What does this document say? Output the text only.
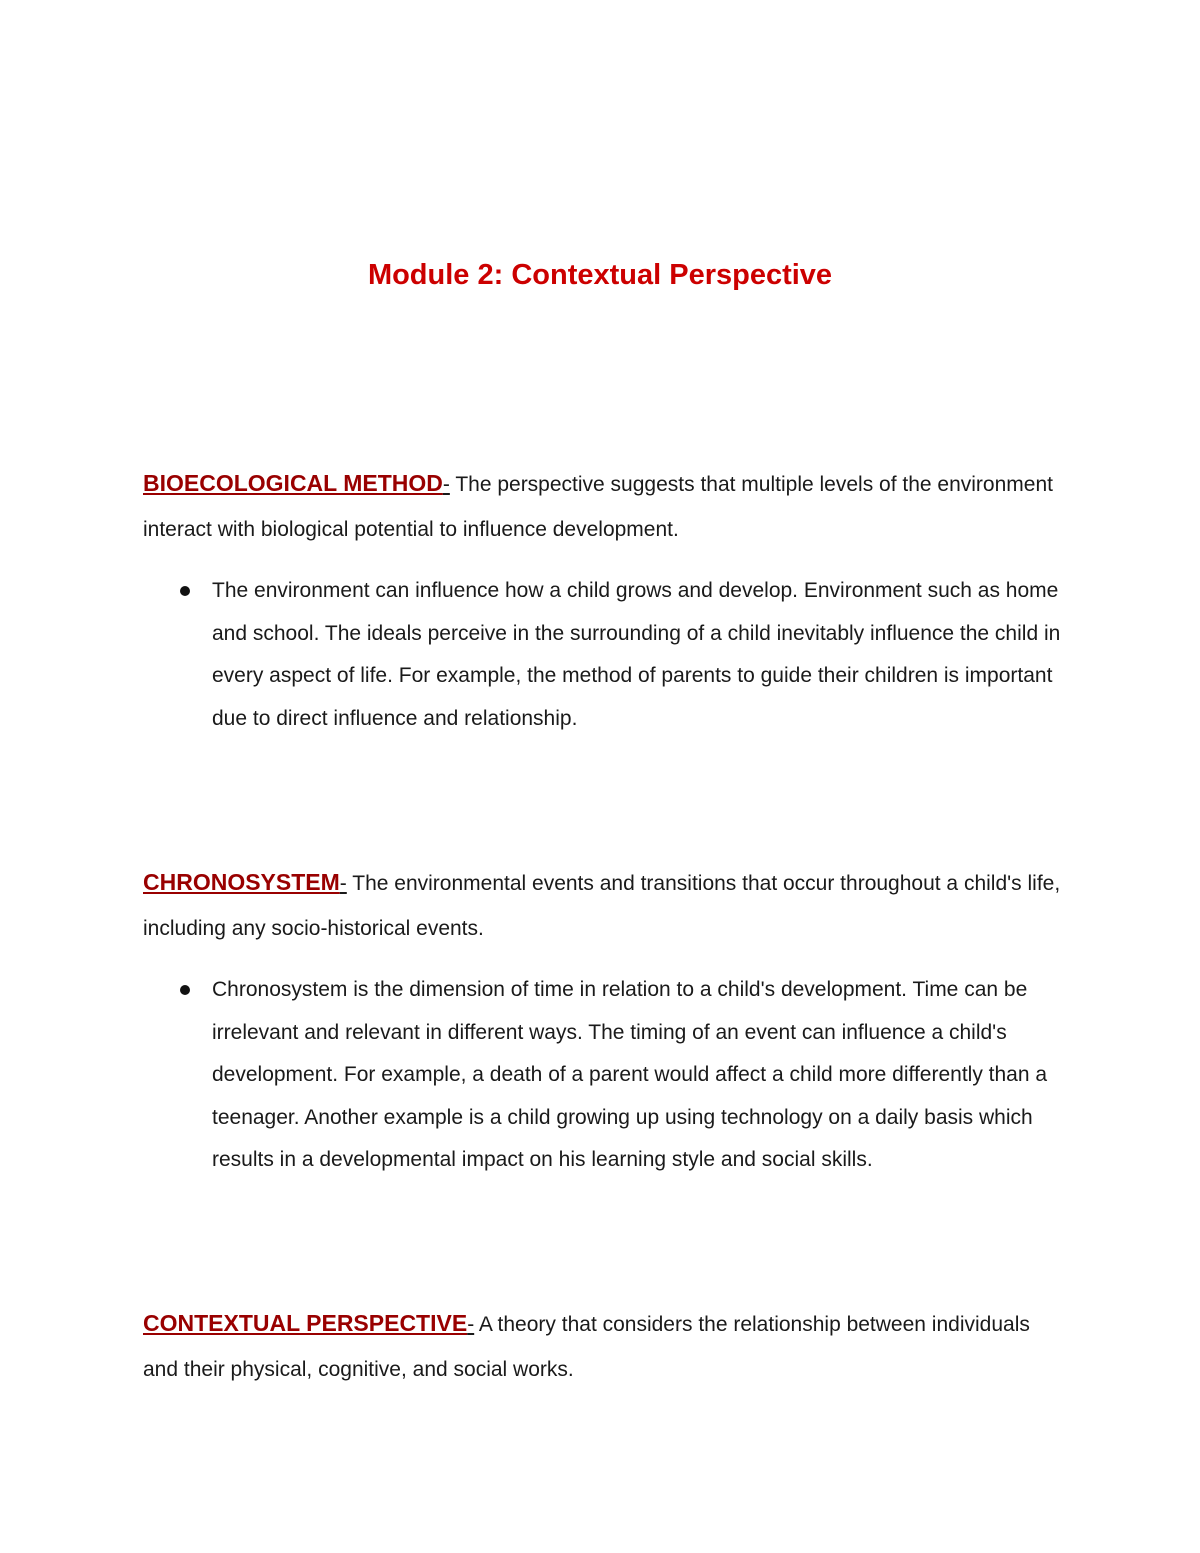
Module 2: Contextual Perspective

BIOECOLOGICAL METHOD- The perspective suggests that multiple levels of the environment interact with biological potential to influence development.

The environment can influence how a child grows and develop. Environment such as home and school. The ideals perceive in the surrounding of a child inevitably influence the child in every aspect of life. For example, the method of parents to guide their children is important due to direct influence and relationship.

CHRONOSYSTEM- The environmental events and transitions that occur throughout a child's life, including any socio-historical events.

Chronosystem is the dimension of time in relation to a child's development. Time can be irrelevant and relevant in different ways. The timing of an event can influence a child's development. For example, a death of a parent would affect a child more differently than a teenager. Another example is a child growing up using technology on a daily basis which results in a developmental impact on his learning style and social skills.

CONTEXTUAL PERSPECTIVE- A theory that considers the relationship between individuals and their physical, cognitive, and social works.
